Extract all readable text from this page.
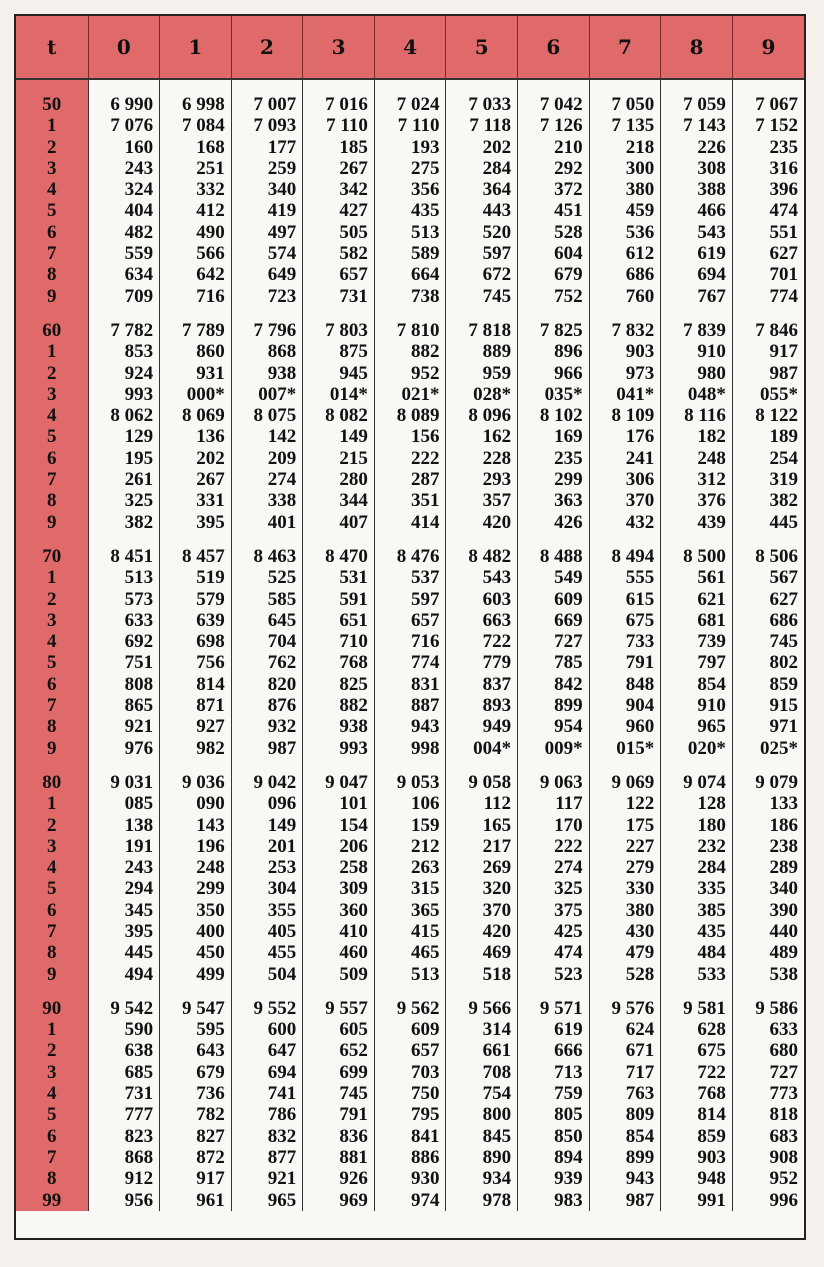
t	0	1	2	3	4	5	6	7	8	9

50	6 990	6 998	7 007	7 016	7 024	7 033	7 042	7 050	7 059	7 067
1	7 076	7 084	7 093	7 110	7 110	7 118	7 126	7 135	7 143	7 152
2	160	168	177	185	193	202	210	218	226	235
3	243	251	259	267	275	284	292	300	308	316
4	324	332	340	342	356	364	372	380	388	396
5	404	412	419	427	435	443	451	459	466	474
6	482	490	497	505	513	520	528	536	543	551
7	559	566	574	582	589	597	604	612	619	627
8	634	642	649	657	664	672	679	686	694	701
9	709	716	723	731	738	745	752	760	767	774

60	7 782	7 789	7 796	7 803	7 810	7 818	7 825	7 832	7 839	7 846
1	853	860	868	875	882	889	896	903	910	917
2	924	931	938	945	952	959	966	973	980	987
3	993	000*	007*	014*	021*	028*	035*	041*	048*	055*
4	8 062	8 069	8 075	8 082	8 089	8 096	8 102	8 109	8 116	8 122
5	129	136	142	149	156	162	169	176	182	189
6	195	202	209	215	222	228	235	241	248	254
7	261	267	274	280	287	293	299	306	312	319
8	325	331	338	344	351	357	363	370	376	382
9	382	395	401	407	414	420	426	432	439	445

70	8 451	8 457	8 463	8 470	8 476	8 482	8 488	8 494	8 500	8 506
1	513	519	525	531	537	543	549	555	561	567
2	573	579	585	591	597	603	609	615	621	627
3	633	639	645	651	657	663	669	675	681	686
4	692	698	704	710	716	722	727	733	739	745
5	751	756	762	768	774	779	785	791	797	802
6	808	814	820	825	831	837	842	848	854	859
7	865	871	876	882	887	893	899	904	910	915
8	921	927	932	938	943	949	954	960	965	971
9	976	982	987	993	998	004*	009*	015*	020*	025*

80	9 031	9 036	9 042	9 047	9 053	9 058	9 063	9 069	9 074	9 079
1	085	090	096	101	106	112	117	122	128	133
2	138	143	149	154	159	165	170	175	180	186
3	191	196	201	206	212	217	222	227	232	238
4	243	248	253	258	263	269	274	279	284	289
5	294	299	304	309	315	320	325	330	335	340
6	345	350	355	360	365	370	375	380	385	390
7	395	400	405	410	415	420	425	430	435	440
8	445	450	455	460	465	469	474	479	484	489
9	494	499	504	509	513	518	523	528	533	538

90	9 542	9 547	9 552	9 557	9 562	9 566	9 571	9 576	9 581	9 586
1	590	595	600	605	609	314	619	624	628	633
2	638	643	647	652	657	661	666	671	675	680
3	685	679	694	699	703	708	713	717	722	727
4	731	736	741	745	750	754	759	763	768	773
5	777	782	786	791	795	800	805	809	814	818
6	823	827	832	836	841	845	850	854	859	683
7	868	872	877	881	886	890	894	899	903	908
8	912	917	921	926	930	934	939	943	948	952
99	956	961	965	969	974	978	983	987	991	996
